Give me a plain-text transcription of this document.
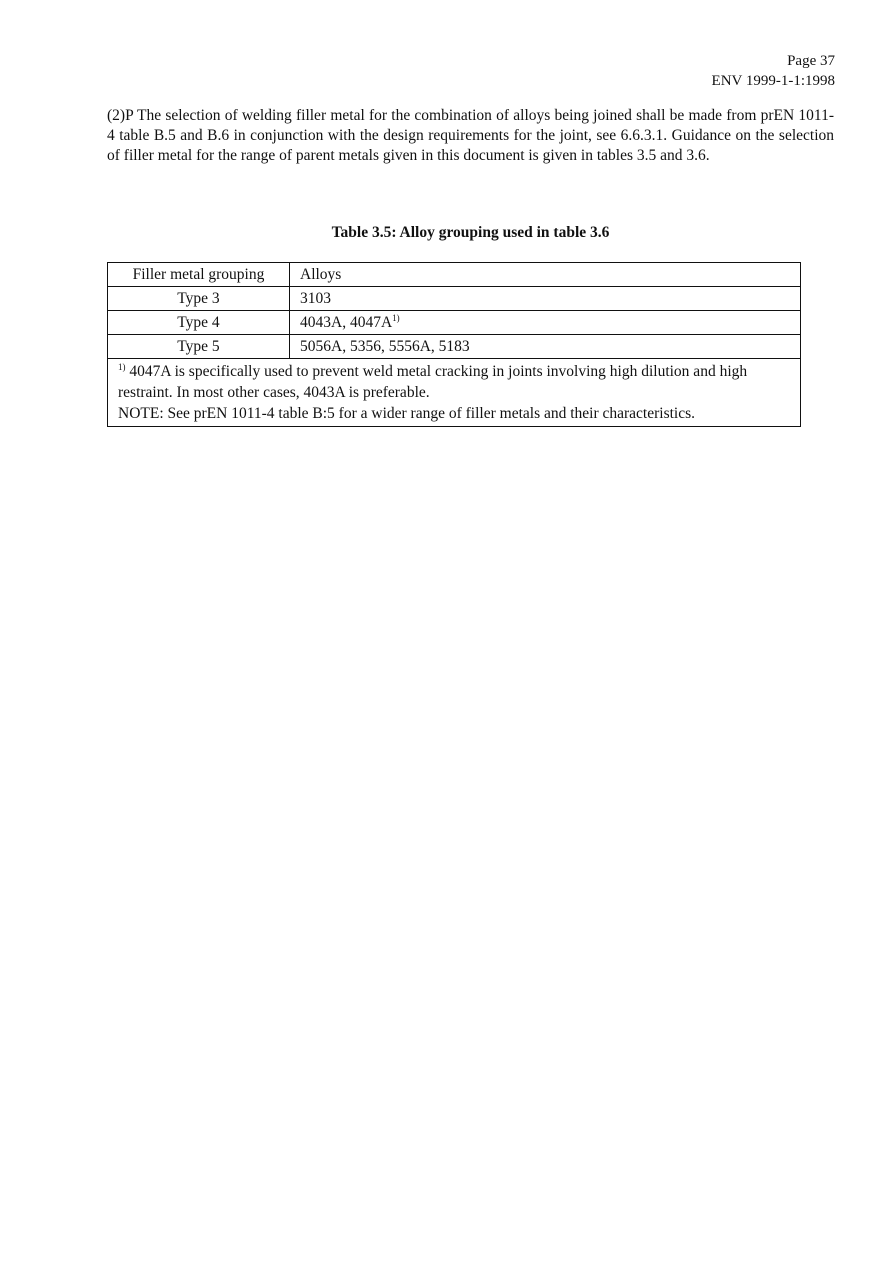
Page 37
ENV 1999-1-1:1998
(2)P The selection of welding filler metal for the combination of alloys being joined shall be made from prEN 1011-4 table B.5 and B.6 in conjunction with the design requirements for the joint, see 6.6.3.1. Guidance on the selection of filler metal for the range of parent metals given in this document is given in tables 3.5 and 3.6.
Table 3.5: Alloy grouping used in table 3.6
Filler metal grouping	Alloys
Type 3	3103
Type 4	4043A, $4047A^{1)}$
Type 5	5056A, 5356, 5556A, 5183

$^{1)}$ 4047A is specifically used to prevent weld metal cracking in joints involving high dilution and high restraint. In most other cases, 4043A is preferable.
NOTE: See prEN 1011-4 table B:5 for a wider range of filler metals and their characteristics.	
